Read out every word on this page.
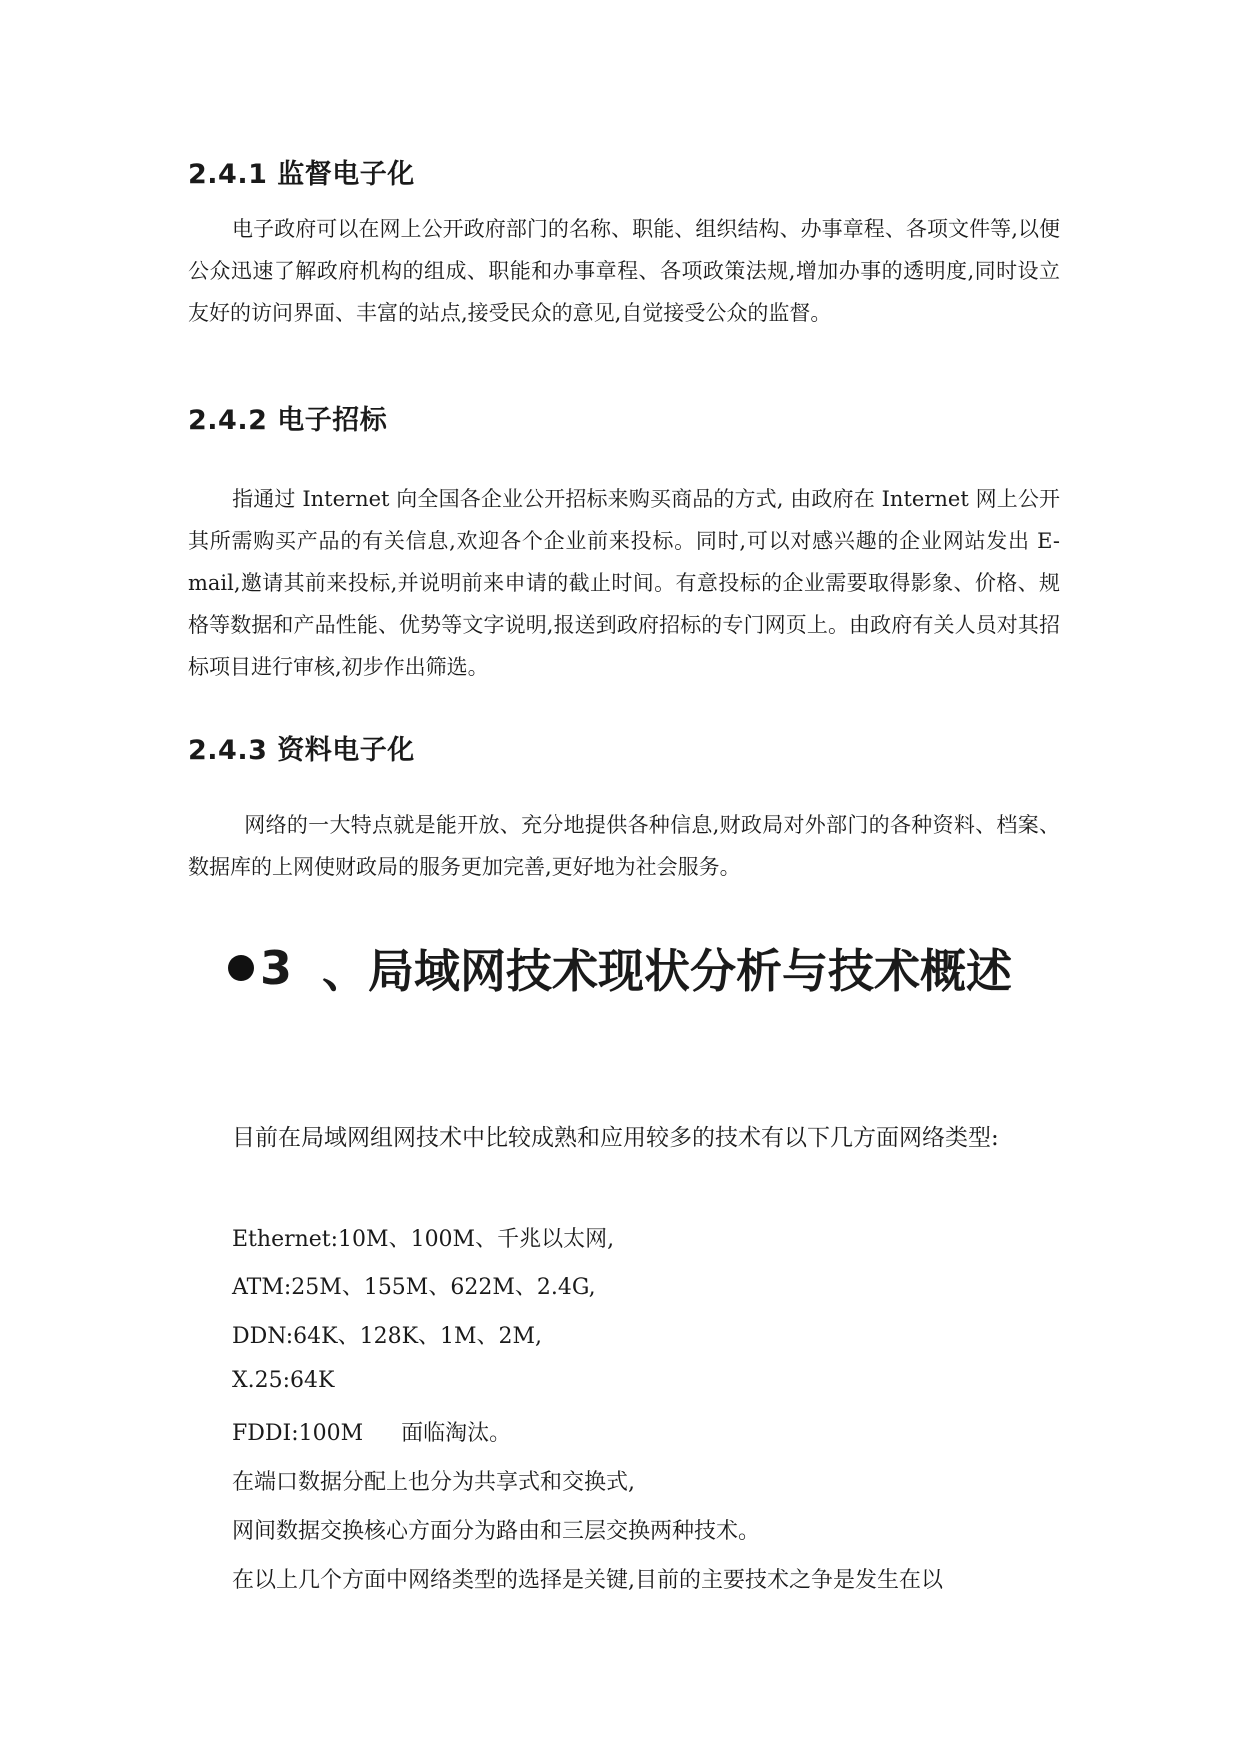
2.4.1 监督电子化

电子政府可以在网上公开政府部门的名称、职能、组织结构、办事章程、各项文件等,以便公众迅速了解政府机构的组成、职能和办事章程、各项政策法规,增加办事的透明度,同时设立友好的访问界面、丰富的站点,接受民众的意见,自觉接受公众的监督。

2.4.2 电子招标

指通过 Internet 向全国各企业公开招标来购买商品的方式, 由政府在 Internet 网上公开其所需购买产品的有关信息,欢迎各个企业前来投标。同时,可以对感兴趣的企业网站发出 E-mail,邀请其前来投标,并说明前来申请的截止时间。有意投标的企业需要取得影象、价格、规格等数据和产品性能、优势等文字说明,报送到政府招标的专门网页上。由政府有关人员对其招标项目进行审核,初步作出筛选。

2.4.3 资料电子化

网络的一大特点就是能开放、充分地提供各种信息,财政局对外部门的各种资料、档案、数据库的上网使财政局的服务更加完善,更好地为社会服务。

3 、局域网技术现状分析与技术概述

目前在局域网组网技术中比较成熟和应用较多的技术有以下几方面网络类型:

Ethernet:10M、100M、千兆以太网,
ATM:25M、155M、622M、2.4G,
DDN:64K、128K、1M、2M,
X.25:64K
FDDI:100M 面临淘汰。
在端口数据分配上也分为共享式和交换式,
网间数据交换核心方面分为路由和三层交换两种技术。
在以上几个方面中网络类型的选择是关键,目前的主要技术之争是发生在以
